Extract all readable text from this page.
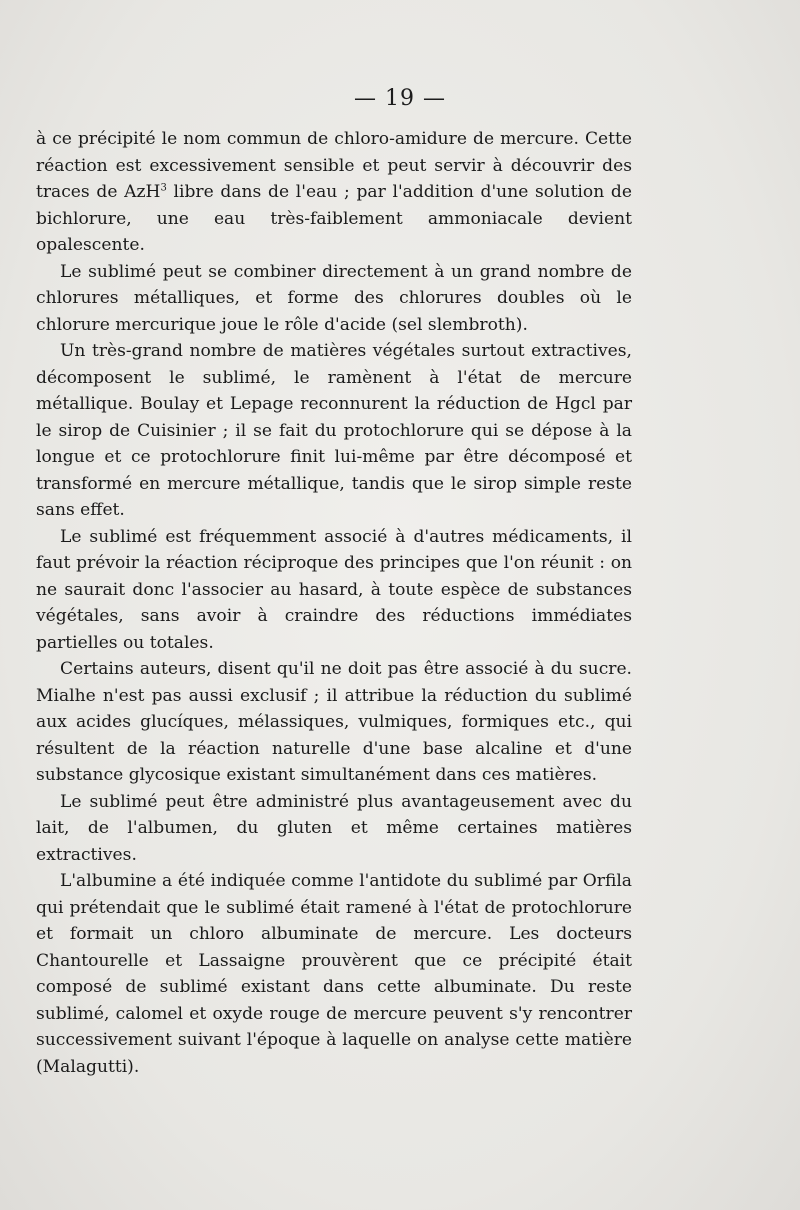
— 19 —

à ce précipité le nom commun de chloro-amidure de mercure. Cette réaction est excessivement sensible et peut servir à découvrir des traces de AzH$^3$ libre dans de l'eau ; par l'addition d'une solution de bichlorure, une eau très-faiblement ammoniacale devient opalescente.

Le sublimé peut se combiner directement à un grand nombre de chlorures métalliques, et forme des chlorures doubles où le chlorure mercurique joue le rôle d'acide (sel slembroth).

Un très-grand nombre de matières végétales surtout extractives, décomposent le sublimé, le ramènent à l'état de mercure métallique. Boulay et Lepage reconnurent la réduction de Hgcl par le sirop de Cuisinier ; il se fait du protochlorure qui se dépose à la longue et ce protochlorure finit lui-même par être décomposé et transformé en mercure métallique, tandis que le sirop simple reste sans effet.

Le sublimé est fréquemment associé à d'autres médicaments, il faut prévoir la réaction réciproque des principes que l'on réunit : on ne saurait donc l'associer au hasard, à toute espèce de substances végétales, sans avoir à craindre des réductions immédiates partielles ou totales.

Certains auteurs, disent qu'il ne doit pas être associé à du sucre. Mialhe n'est pas aussi exclusif ; il attribue la réduction du sublimé aux acides glucíques, mélassiques, vulmiques, formiques etc., qui résultent de la réaction naturelle d'une base alcaline et d'une substance glycosique existant simultanément dans ces matières.

Le sublimé peut être administré plus avantageusement avec du lait, de l'albumen, du gluten et même certaines matières extractives.

L'albumine a été indiquée comme l'antidote du sublimé par Orfila qui prétendait que le sublimé était ramené à l'état de protochlorure et formait un chloro albuminate de mercure. Les docteurs Chantourelle et Lassaigne prouvèrent que ce précipité était composé de sublimé existant dans cette albuminate. Du reste sublimé, calomel et oxyde rouge de mercure peuvent s'y rencontrer successivement suivant l'époque à laquelle on analyse cette matière (Malagutti).
